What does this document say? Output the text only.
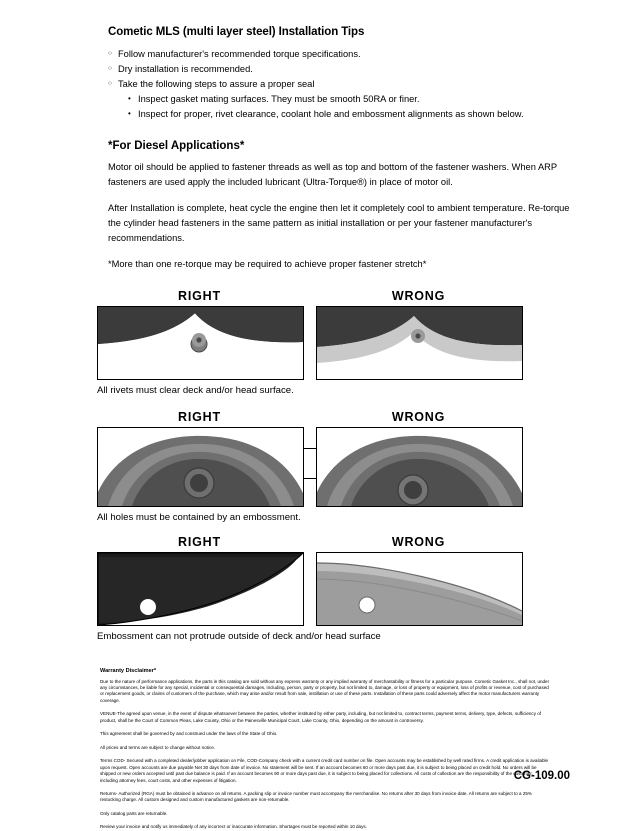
Cometic MLS (multi layer steel) Installation Tips
○ Follow manufacturer's recommended torque specifications.
○ Dry installation is recommended.
○ Take the following steps to assure a proper seal
• Inspect gasket mating surfaces. They must be smooth 50RA or finer.
• Inspect for proper, rivet clearance, coolant hole and embossment alignments as shown below.
*For Diesel Applications*

Motor oil should be applied to fastener threads as well as top and bottom of the fastener washers. When ARP fasteners are used apply the included lubricant (Ultra-Torque®) in place of motor oil.

After Installation is complete, heat cycle the engine then let it completely cool to ambient temperature. Re-torque the cylinder head fasteners in the same pattern as initial installation or per your fastener manufacturer's recommendations.

*More than one re-torque may be required to achieve proper fastener stretch*

RIGHT	WRONG
All rivets must clear deck and/or head surface.
RIGHT	WRONG
All holes must be contained by an embossment.
RIGHT	WRONG
Embossment can not protrude outside of deck and/or head surface
Warranty Disclaimer*

Due to the nature of performance applications, the parts in this catalog are sold without any express warranty or any implied warranty of merchantability or fitness for a particular purpose. Cometic Gasket Inc., shall not, under any circumstances, be liable for any special, incidental or consequential damages, including, person, party or property, but not limited to, damage, or loss of property or equipment, loss of profits or revenue, cost of purchased or replacement goods, or claims of customers of the purchase, which may arise and/or result from sale, instillation or use of these parts. Installation of these parts could adversely affect the motor manufacturers warranty coverage.

VENUE-The agreed upon venue, in the event of dispute whatsoever between the parties, whether instituted by either party, including, but not limited to, contract terms, payment terms, delivery, type, defects, sufficiency of product, shall be the Court of Common Pleas, Lake County, Ohio or the Painesville Municipal Court, Lake County, Ohio, depending on the amount in controversy.

This agreement shall be governed by and construed under the laws of the State of Ohio.

All prices and terms are subject to change without notice.

Terms COD- Secured with a completed dealer/jobber application on File, COD-Company check with a current credit card number on file. Open accounts may be established by well rated firms. A credit application is available upon request. Open accounts are due payable Net 30 days from date of invoice. No statement will be sent. If an account becomes 60 or more days past due, it is subject to being placed on credit hold. No orders will be shipped or new orders accepted until past due balance is paid. If an account becomes 90 or more days past due, it is subject to being placed for collections. All costs of collection are the responsibility of the customer, including attorney fees, court costs, and other expenses of litigation.

Returns- Authorized (RGA) must be obtained in advance on all returns. A packing slip or invoice number must accompany the merchandise. No returns after 30 days from invoice date. All returns are subject to a 25% restocking charge. All custom designed and custom manufactured gaskets are non-returnable.

Only catalog parts are returnable.

Review your invoice and notify us immediately of any incorrect or inaccurate information. Shortages must be reported within 10 days.

CG-109.00
